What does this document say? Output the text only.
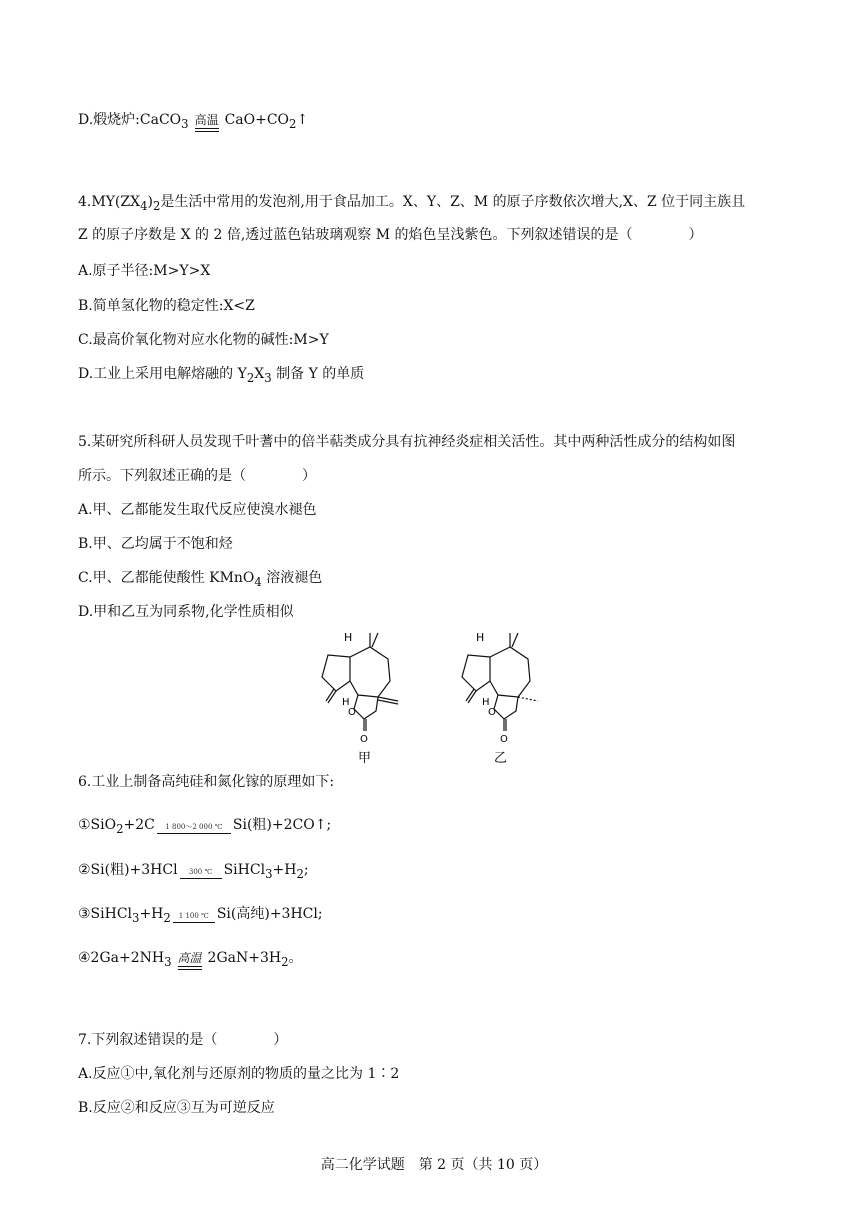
D.煅烧炉:CaCO$_3$ 高温 $CaO+CO_2↑$
$4.MY(ZX_4)_2$是生活中常用的发泡剂,用于食品加工。X、Y、Z、M 的原子序数依次增大,X、Z 位于同主族且
Z 的原子序数是 X 的 2 倍,透过蓝色钴玻璃观察 M 的焰色呈浅紫色。下列叙述错误的是（　　　　）
A.原子半径:M>Y>X
B.简单氢化物的稳定性:X<Z
C.最高价氧化物对应水化物的碱性:M>Y
D.工业上采用电解熔融的 $Y_2X_3$ 制备 Y 的单质
5.某研究所科研人员发现千叶蓍中的倍半萜类成分具有抗神经炎症相关活性。其中两种活性成分的结构如图
所示。下列叙述正确的是（　　　　）
A.甲、乙都能发生取代反应使溴水褪色
B.甲、乙均属于不饱和烃
C.甲、乙都能使酸性 KMnO$_4$ 溶液褪色
D.甲和乙互为同系物,化学性质相似
H
H
O
O
甲
H
H
O
O
乙
6.工业上制备高纯硅和氮化镓的原理如下:
①SiO$_2$+2C	1 800～2 000 ℃ Si(粗)+2CO↑;
②Si(粗)+3HCl	300 ℃ $SiHCl_3+H_2$;
$③SiHCl_3+H_2$	1 100 ℃ Si(高纯)+3HCl;
$④2Ga+2NH_3$ 高温 $2GaN+3H_2$。
7.下列叙述错误的是（　　　　）
A.反应①中,氧化剂与还原剂的物质的量之比为 1∶2
B.反应②和反应③互为可逆反应
高二化学试题　第 2 页（共 10 页）
